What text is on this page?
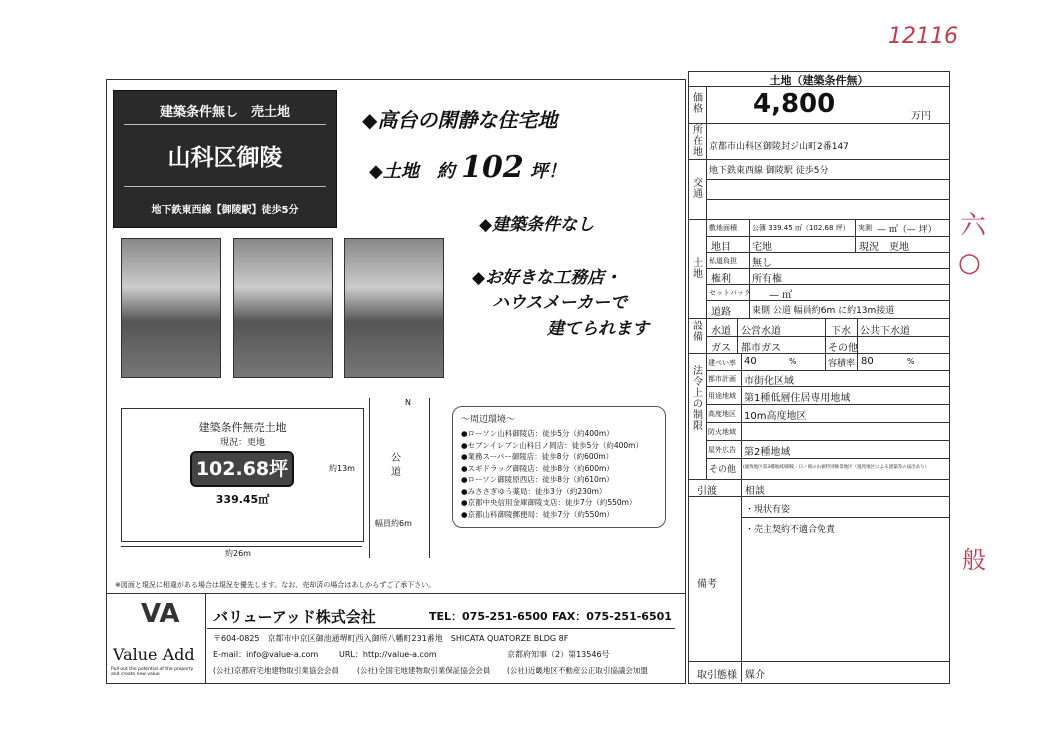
12116
六
○
般
建築条件無し　売土地
山科区御陵
地下鉄東西線【御陵駅】徒歩5分
◆高台の閑静な住宅地
◆土地　約 102 坪！
◆建築条件なし
◆お好きな工務店・
ハウスメーカーで
建てられます
建築条件無売土地
現況：更地
102.68坪
339.45㎡
約13m
約26m
公道
幅員約6m
N
～周辺環境～
●ローソン山科御陵店：徒歩5分（約400m）
●セブンイレブン山科日ノ岡店：徒歩5分（約400m）
●業務スーパー御陵店：徒歩8分（約600m）
●スギドラッグ御陵店：徒歩8分（約600m）
●ローソン御陵原西店：徒歩8分（約610m）
●みささぎゆう薬局：徒歩3分（約230m）
●京都中央信用金庫御陵支店：徒歩7分（約550m）
●京都山科御陵郵便局：徒歩7分（約550m）
※図面と現況に相違がある場合は現況を優先します。なお、売却済の場合はあしからずご了承下さい。
VA
Value Add
Pull out the potential of the property and create new value
バリューアッド株式会社	TEL：075-251-6500 FAX：075-251-6501
〒604-0825　京都市中京区御池通堺町西入御所八幡町231番地　SHICATA QUATORZE BLDG 8F
E-mail：info@value-a.com	URL：http://value-a.com	京都府知事（2）第13546号
(公社)京都府宅地建物取引業協会会員 (公社)全国宅地建物取引業保証協会会員 (公社)近畿地区不動産公正取引協議会加盟
土地（建築条件無）
価格 4,800	万円
所在地 京都市山科区御陵封ジ山町2番147
交通
地下鉄東西線 御陵駅 徒歩5分
土地
敷地面積 公簿 339.45 ㎡（102.68 坪） 実測 — ㎡（— 坪）
地目 宅地	現況 更地
私道負担 無し
権利 所有権
セットバック — ㎡
道路 東側 公道 幅員約6m に約13m接道
設備
水道 公営水道	下水 公共下水道
ガス 都市ガス	その他
法令上の制限
建ぺい率 40	%	容積率 80	%
都市計画 市街化区域
用途地域 第1種低層住居専用地域
高度地区 10m高度地区
防火地域
屋外広告 第2種地域
その他 (風致地区第3種地域/御陵・日ノ岡の山裾特別修景地区（風致地区による建築等の届出あり）
引渡	相談
備考
・現状有姿
・売主契約不適合免責
取引態様 媒介
